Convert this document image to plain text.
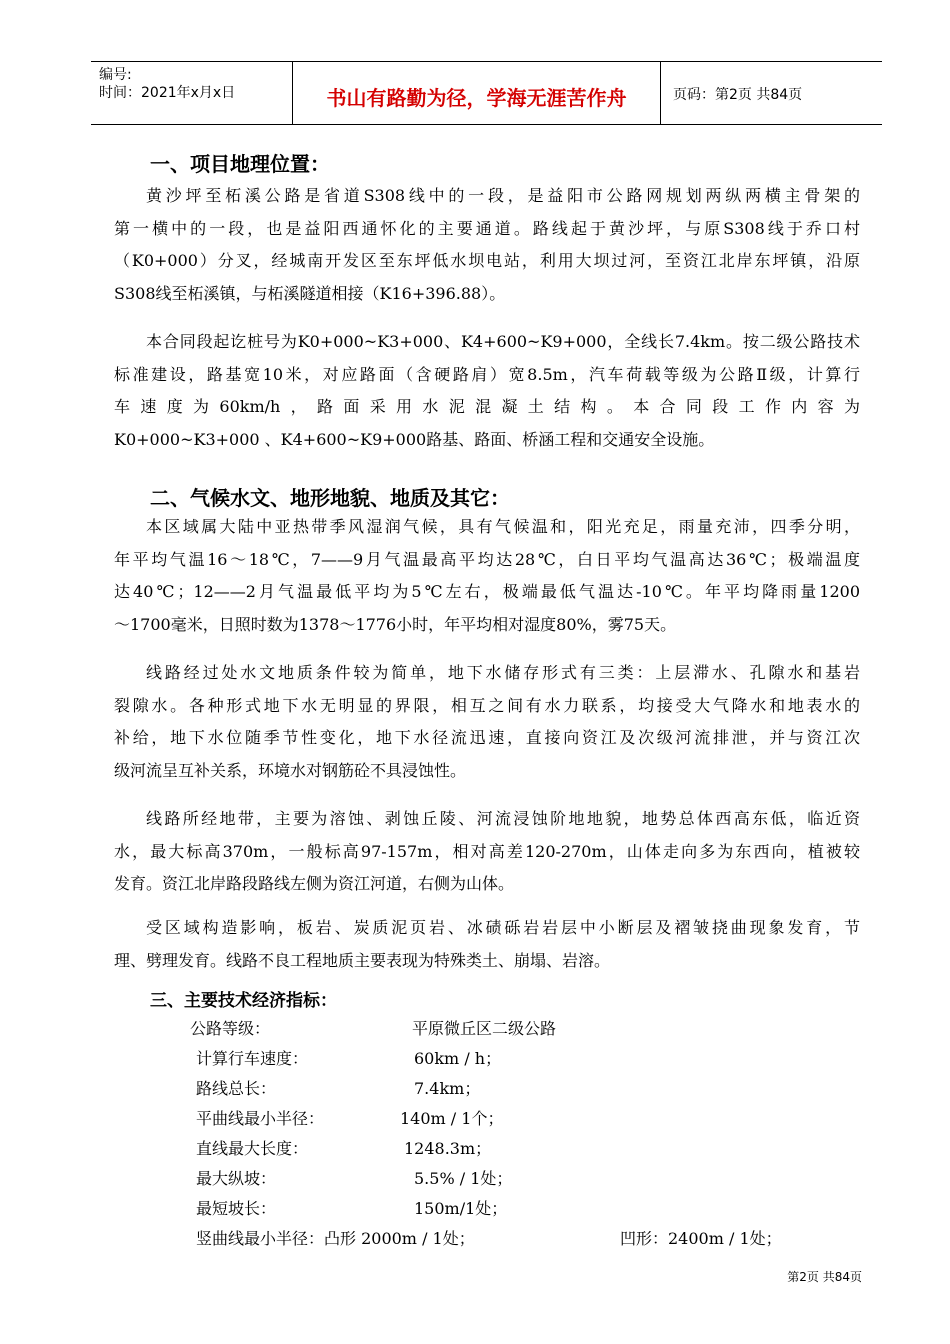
编号:
时间：2021年x月x日	书山有路勤为径，学海无涯苦作舟	页码：第2页 共84页
一、项目地理位置：
黄沙坪至柘溪公路是省道S308线中的一段，是益阳市公路网规划两纵两横主骨架的
第一横中的一段，也是益阳西通怀化的主要通道。路线起于黄沙坪，与原S308线于乔口村
（K0+000）分叉，经城南开发区至东坪低水坝电站，利用大坝过河，至资江北岸东坪镇，沿原
S308线至柘溪镇，与柘溪隧道相接（K16+396.88）。
本合同段起讫桩号为K0+000~K3+000、K4+600~K9+000，全线长7.4km。按二级公路技术
标准建设，路基宽10米，对应路面（含硬路肩）宽8.5m，汽车荷载等级为公路Ⅱ级，计算行
车速度为60km/h，路面采用水泥混凝土结构。本合同段工作内容为
K0+000~K3+000 、K4+600~K9+000路基、路面、桥涵工程和交通安全设施。
二、气候水文、地形地貌、地质及其它：
本区域属大陆中亚热带季风湿润气候，具有气候温和，阳光充足，雨量充沛，四季分明，
年平均气温16～18℃，7——9月气温最高平均达28℃，白日平均气温高达36℃；极端温度
达40℃；12——2月气温最低平均为5℃左右，极端最低气温达-10℃。年平均降雨量1200
～1700毫米，日照时数为1378～1776小时，年平均相对湿度80%，雾75天。
线路经过处水文地质条件较为简单，地下水储存形式有三类：上层滞水、孔隙水和基岩
裂隙水。各种形式地下水无明显的界限，相互之间有水力联系，均接受大气降水和地表水的
补给，地下水位随季节性变化，地下水径流迅速，直接向资江及次级河流排泄，并与资江次
级河流呈互补关系，环境水对钢筋砼不具浸蚀性。
线路所经地带，主要为溶蚀、剥蚀丘陵、河流浸蚀阶地地貌，地势总体西高东低，临近资
水，最大标高370m，一般标高97-157m，相对高差120-270m，山体走向多为东西向，植被较
发育。资江北岸路段路线左侧为资江河道，右侧为山体。
受区域构造影响，板岩、炭质泥页岩、冰碛砾岩岩层中小断层及褶皱挠曲现象发育，节
理、劈理发育。线路不良工程地质主要表现为特殊类土、崩塌、岩溶。
三、主要技术经济指标：
公路等级：	平原微丘区二级公路
计算行车速度：	60km / h；
路线总长：	7.4km；
平曲线最小半径：	140m / 1个；
直线最大长度：	1248.3m；
最大纵坡：	5.5% / 1处；
最短坡长：	150m/1处；
竖曲线最小半径：凸形 2000m / 1处；	凹形：2400m / 1处；
第2页 共84页
